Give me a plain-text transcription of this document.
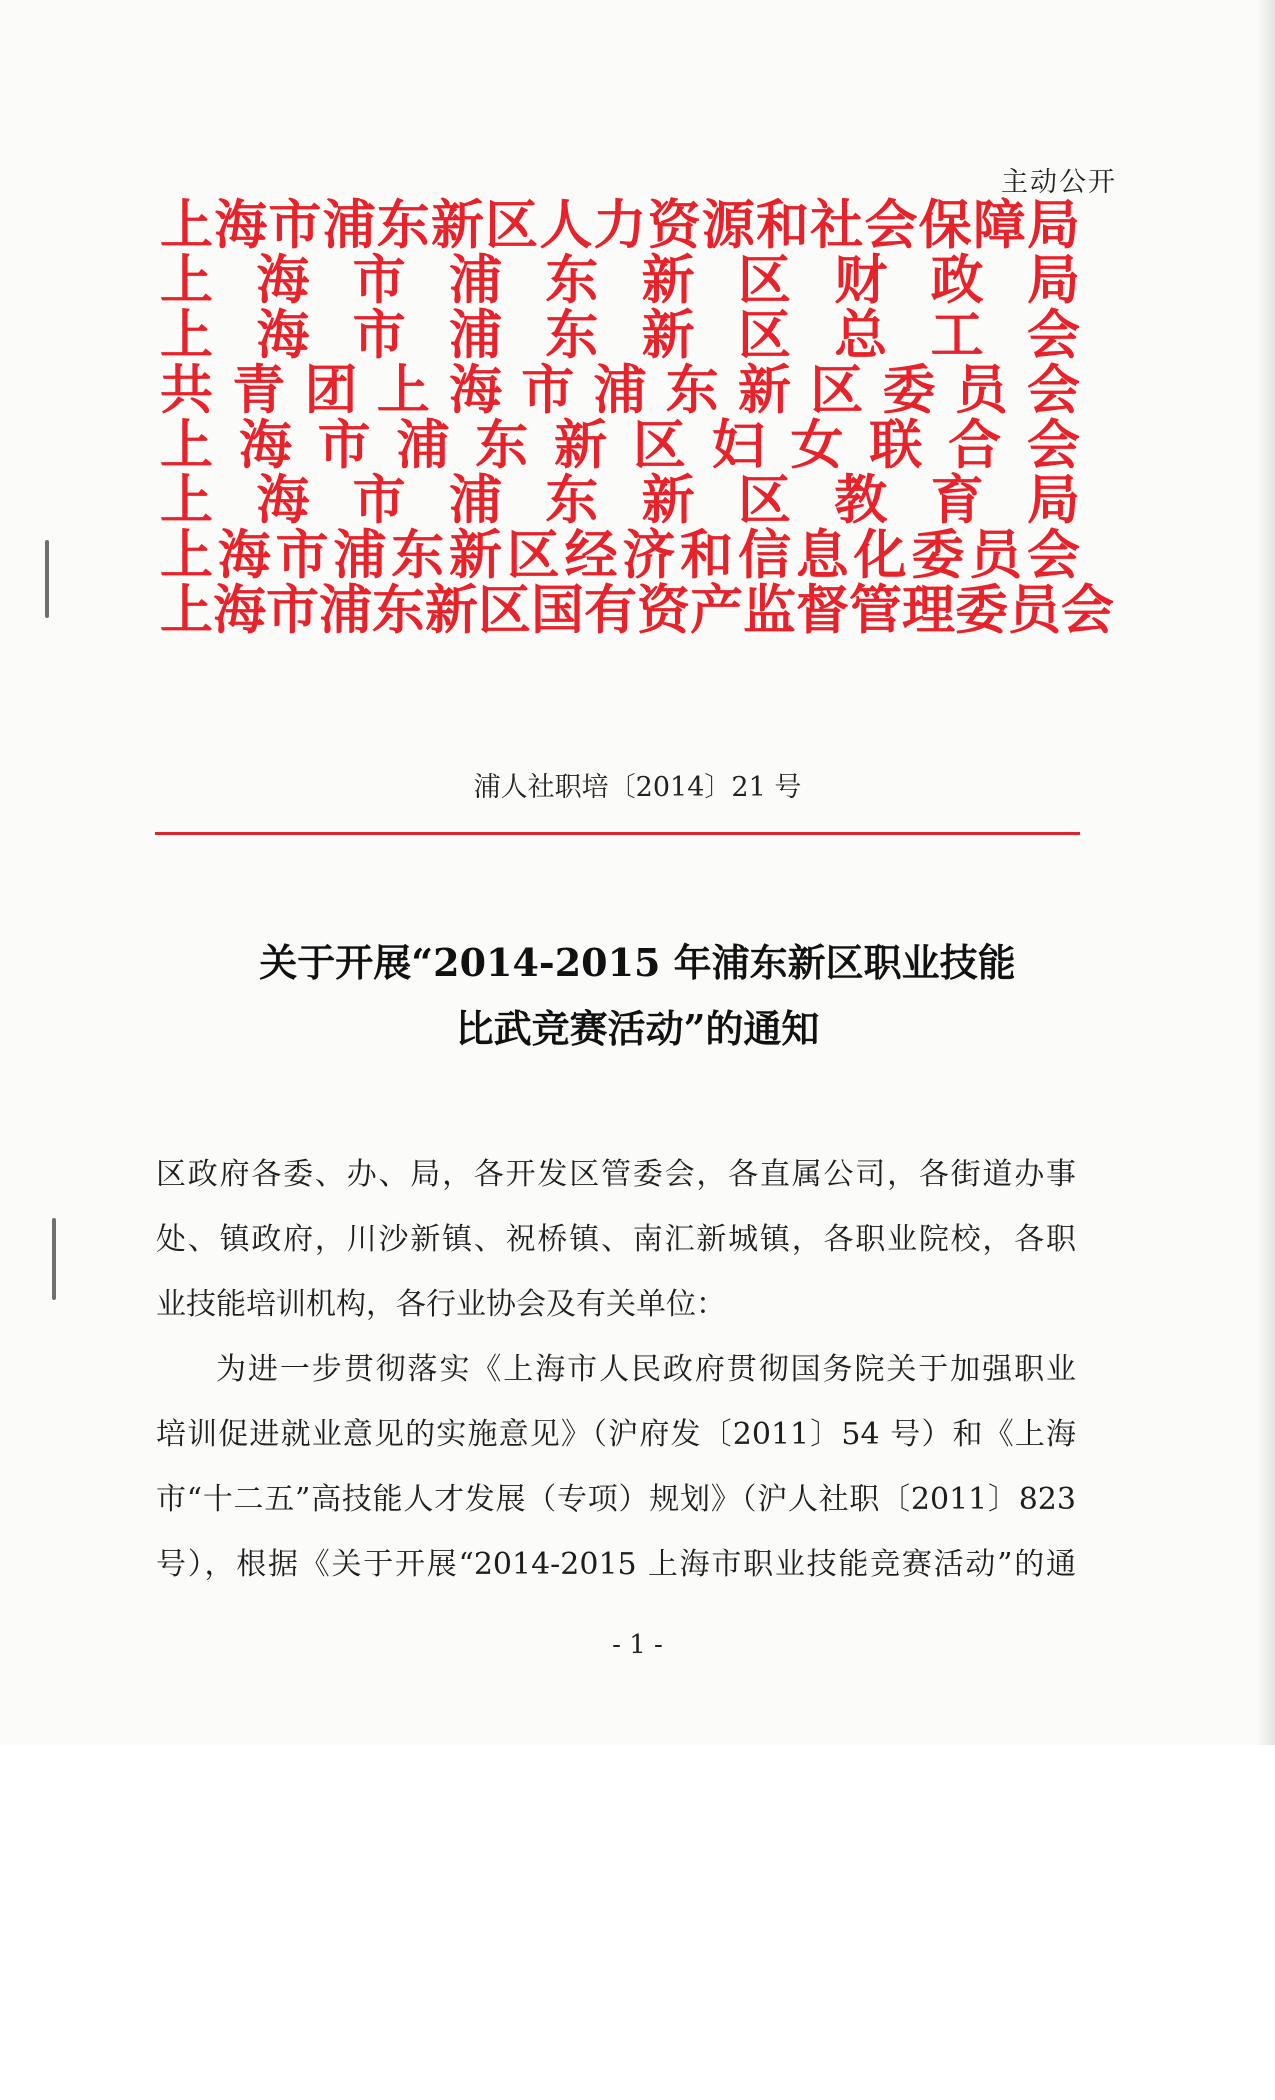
主动公开
上 海 市 浦 东 新 区 人 力 资 源 和 社 会 保 障 局
上 海 市 浦 东 新 区 财 政 局
上 海 市 浦 东 新 区 总 工 会
共 青 团 上 海 市 浦 东 新 区 委 员 会
上 海 市 浦 东 新 区 妇 女 联 合 会
上 海 市 浦 东 新 区 教 育 局
上 海 市 浦 东 新 区 经 济 和 信 息 化 委 员 会
上 海 市 浦 东 新 区 国 有 资 产 监 督 管 理 委 员 会
浦人社职培〔2014〕21 号
关于开展“2014-2015 年浦东新区职业技能
比武竞赛活动”的通知

区政府各委、办、局，各开发区管委会，各直属公司，各街道办事

处、镇政府，川沙新镇、祝桥镇、南汇新城镇，各职业院校，各职

业技能培训机构，各行业协会及有关单位：

为进一步贯彻落实《上海市人民政府贯彻国务院关于加强职业

培训促进就业意见的实施意见》（沪府发〔2011〕54 号）和《上海

市“十二五”高技能人才发展（专项）规划》（沪人社职〔2011〕823

号），根据《关于开展“2014-2015 上海市职业技能竞赛活动”的通

- 1 -
